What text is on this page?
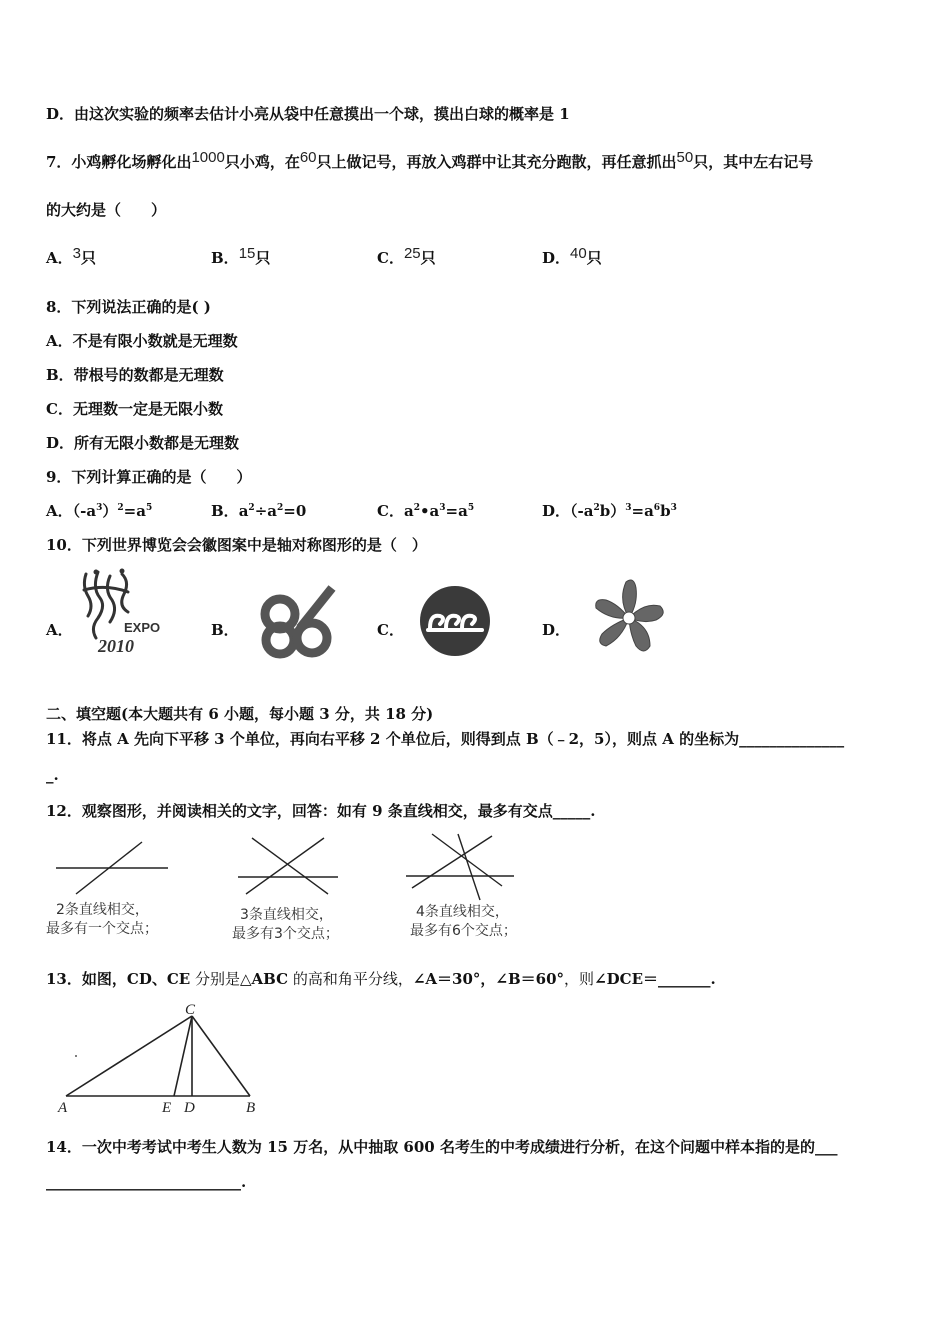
D．由这次实验的频率去估计小亮从袋中任意摸出一个球，摸出白球的概率是 1
7．小鸡孵化场孵化出1000只小鸡，在60只上做记号，再放入鸡群中让其充分跑散，再任意抓出50只，其中左右记号
的大约是（　　）
A．3只	B．15只	C．25只	D．40只
8．下列说法正确的是( )
A．不是有限小数就是无理数
B．带根号的数都是无理数
C．无理数一定是无限小数
D．所有无限小数都是无理数
9．下列计算正确的是（　　）
A．$(-a^3)^2=a^5$	B．$a^2\div a^2=0$	C．$a^2•a^3=a^5$	D．$(-a^2b)^3=a^6b^3$
10．下列世界博览会会徽图案中是轴对称图形的是（　）
A．	EXPO
2010
B．	C．	D．
二、填空题(本大题共有 6 小题，每小题 3 分，共 18 分)
11．将点 A 先向下平移 3 个单位，再向右平移 2 个单位后，则得到点 B（﹣2，5），则点 A 的坐标为______________
_.
12．观察图形，并阅读相关的文字，回答：如有 9 条直线相交，最多有交点_____.
2条直线相交，
最多有一个交点；
3条直线相交，
最多有3个交点；
4条直线相交，
最多有6个交点；
13．如图，CD、CE 分别是△ABC 的高和角平分线，∠A＝30°，∠B＝60°，则∠DCE＝_______.
C
A	E D	B
14．一次中考考试中考生人数为 15 万名，从中抽取 600 名考生的中考成绩进行分析，在这个问题中样本指的是的___
__________________________.
